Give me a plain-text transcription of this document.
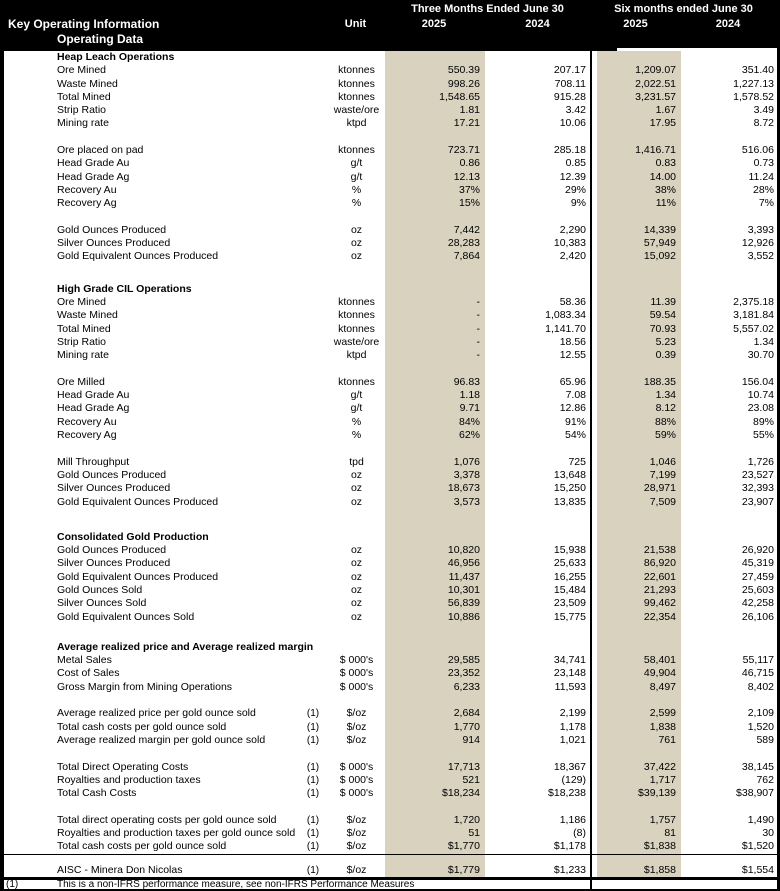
Three Months Ended June 30	Six months ended June 30
Key Operating Information	Unit	2025	2024	2025	2024
Operating Data
Heap Leach Operations
Ore Mined	ktonnes	550.39	207.17	1,209.07	351.40
Waste Mined	ktonnes	998.26	708.11	2,022.51	1,227.13
Total Mined	ktonnes	1,548.65	915.28	3,231.57	1,578.52
Strip Ratio	waste/ore	1.81	3.42	1.67	3.49
Mining rate	ktpd	17.21	10.06	17.95	8.72
Ore placed on pad	ktonnes	723.71	285.18	1,416.71	516.06
Head Grade Au	g/t	0.86	0.85	0.83	0.73
Head Grade Ag	g/t	12.13	12.39	14.00	11.24
Recovery Au	%	37%	29%	38%	28%
Recovery Ag	%	15%	9%	11%	7%
Gold Ounces Produced	oz	7,442	2,290	14,339	3,393
Silver Ounces Produced	oz	28,283	10,383	57,949	12,926
Gold Equivalent Ounces Produced	oz	7,864	2,420	15,092	3,552
High Grade CIL Operations
Ore Mined	ktonnes	-	58.36	11.39	2,375.18
Waste Mined	ktonnes	-	1,083.34	59.54	3,181.84
Total Mined	ktonnes	-	1,141.70	70.93	5,557.02
Strip Ratio	waste/ore	-	18.56	5.23	1.34
Mining rate	ktpd	-	12.55	0.39	30.70
Ore Milled	ktonnes	96.83	65.96	188.35	156.04
Head Grade Au	g/t	1.18	7.08	1.34	10.74
Head Grade Ag	g/t	9.71	12.86	8.12	23.08
Recovery Au	%	84%	91%	88%	89%
Recovery Ag	%	62%	54%	59%	55%
Mill Throughput	tpd	1,076	725	1,046	1,726
Gold Ounces Produced	oz	3,378	13,648	7,199	23,527
Silver Ounces Produced	oz	18,673	15,250	28,971	32,393
Gold Equivalent Ounces Produced	oz	3,573	13,835	7,509	23,907
Consolidated Gold Production
Gold Ounces Produced	oz	10,820	15,938	21,538	26,920
Silver Ounces Produced	oz	46,956	25,633	86,920	45,319
Gold Equivalent Ounces Produced	oz	11,437	16,255	22,601	27,459
Gold Ounces Sold	oz	10,301	15,484	21,293	25,603
Silver Ounces Sold	oz	56,839	23,509	99,462	42,258
Gold Equivalent Ounces Sold	oz	10,886	15,775	22,354	26,106
Average realized price and Average realized margin
Metal Sales	$ 000's	29,585	34,741	58,401	55,117
Cost of Sales	$ 000's	23,352	23,148	49,904	46,715
Gross Margin from Mining Operations	$ 000's	6,233	11,593	8,497	8,402
Average realized price per gold ounce sold	(1)	$/oz	2,684	2,199	2,599	2,109
Total cash costs per gold ounce sold	(1)	$/oz	1,770	1,178	1,838	1,520
Average realized margin per gold ounce sold	(1)	$/oz	914	1,021	761	589
Total Direct Operating Costs	(1)	$ 000's	17,713	18,367	37,422	38,145
Royalties and production taxes	(1)	$ 000's	521	(129)	1,717	762
Total Cash Costs	(1)	$ 000's	$18,234	$18,238	$39,139	$38,907
Total direct operating costs per gold ounce sold	(1)	$/oz	1,720	1,186	1,757	1,490
Royalties and production taxes per gold ounce sold	(1)	$/oz	51	(8)	81	30
Total cash costs per gold ounce sold	(1)	$/oz	$1,770	$1,178	$1,838	$1,520
AISC - Minera Don Nicolas	(1)	$/oz	$1,779	$1,233	$1,858	$1,554
(1)	This is a non-IFRS performance measure, see non-IFRS Performance Measures
